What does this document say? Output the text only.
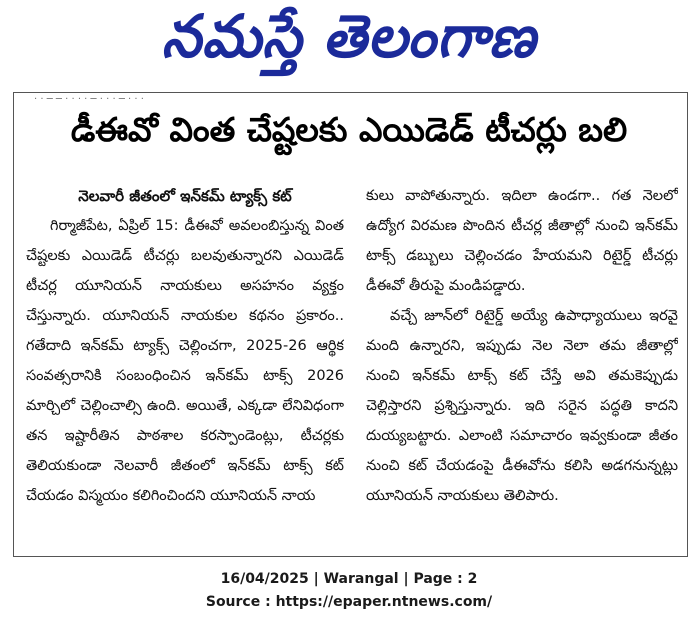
నమస్తే తెలంగాణ
· · ─ ─ · · · · ─ · · · ─ · · ·
డీఈవో వింత చేష్టలకు ఎయిడెడ్ టీచర్లు బలి
నెలవారీ జీతంలో ఇన్‌కమ్ ట్యాక్స్ కట్

గిర్మాజీపేట, ఏప్రిల్ 15: డీఈవో అవలంబిస్తున్న వింత చేష్టలకు ఎయిడెడ్ టీచర్లు బలవుతున్నారని ఎయిడెడ్ టీచర్ల యూనియన్ నాయకులు అసహనం వ్యక్తం చేస్తున్నారు. యూనియన్ నాయకుల కథనం ప్రకారం.. గతేదాది ఇన్‌కమ్ ట్యాక్స్ చెల్లించగా, 2025-26 ఆర్థిక సంవత్సరానికి సంబంధించిన ఇన్‌కమ్ టాక్స్ 2026 మార్చిలో చెల్లించాల్సి ఉంది. అయితే, ఎక్కడా లేనివిధంగా తన ఇష్టారీతిన పాఠశాల కరస్పాండెంట్లు, టీచర్లకు తెలియకుండా నెలవారీ జీతంలో ఇన్‌కమ్ టాక్స్ కట్ చేయడం విస్మయం కలిగించిందని యూనియన్ నాయ

కులు వాపోతున్నారు. ఇదిలా ఉండగా.. గత నెలలో ఉద్యోగ విరమణ పొందిన టీచర్ల జీతాల్లో నుంచి ఇన్‌కమ్ టాక్స్ డబ్బులు చెల్లించడం హేయమని రిటైర్డ్ టీచర్లు డీఈవో తీరుపై మండిపడ్డారు.

వచ్చే జూన్‌లో రిటైర్డ్ అయ్యే ఉపాధ్యాయులు ఇరవై మంది ఉన్నారని, ఇప్పుడు నెల నెలా తమ జీతాల్లో నుంచి ఇన్‌కమ్ టాక్స్ కట్ చేస్తే అవి తమకెప్పుడు చెల్లిస్తారని ప్రశ్నిస్తున్నారు. ఇది సరైన పద్ధతి కాదని దుయ్యబట్టారు. ఎలాంటి సమాచారం ఇవ్వకుండా జీతం నుంచి కట్ చేయడంపై డీఈవోను కలిసి అడగనున్నట్లు యూనియన్ నాయకులు తెలిపారు.

16/04/2025 | Warangal | Page : 2
Source : https://epaper.ntnews.com/
